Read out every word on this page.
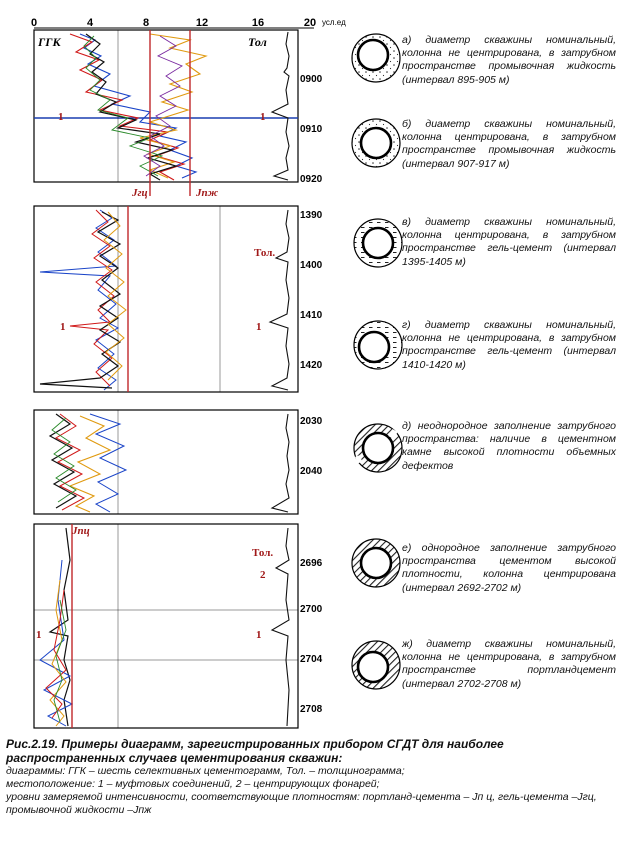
0	4	8	12	16	20 усл.ед
Jгц	Jпж
ГГК	Тол
1	1
0900
0910
0920
Тол.
1	1
1390
1400
1410
1420
2030
2040
Jпц
Тол.
2
1	1
2696
2700
2704
2708
а) диаметр скважины номинальный, колонна не центрирована, в затрубном пространстве промывочная жидкость (интервал 895-905 м)
б) диаметр скважины номинальный, колонна центрирована, в затрубном пространстве промывочная жидкость (интервал 907-917 м)
в) диаметр скважины номинальный, колонна центрирована, в затрубном пространстве гель-цемент (интервал 1395-1405 м)
г) диаметр скважины номинальный, колонна не центрирована, в затрубном пространстве гель-цемент (интервал 1410-1420 м)
д) неоднородное заполнение затрубного пространства: наличие в цементном камне высокой плотности объемных дефектов
е) однородное заполнение затрубного пространства цементом высокой плотности, колонна центрирована (интервал 2692-2702 м)
ж) диаметр скважины номинальный, колонна не центрирована, в затрубном пространстве портландцемент (интервал 2702-2708 м)
Рис.2.19. Примеры диаграмм, зарегистрированных прибором СГДТ для наиболее распространенных случаев цементирования скважин:
диаграммы: ГГК – шесть селективных цементограмм, Тол. – толщинограмма;
местоположение: 1 – муфтовых соединений, 2 – центрирующих фонарей;
уровни замеряемой интенсивности, соответствующие плотностям: портланд-цемента – Jп ц, гель-цемента –Jгц, промывочной жидкости –Jпж
